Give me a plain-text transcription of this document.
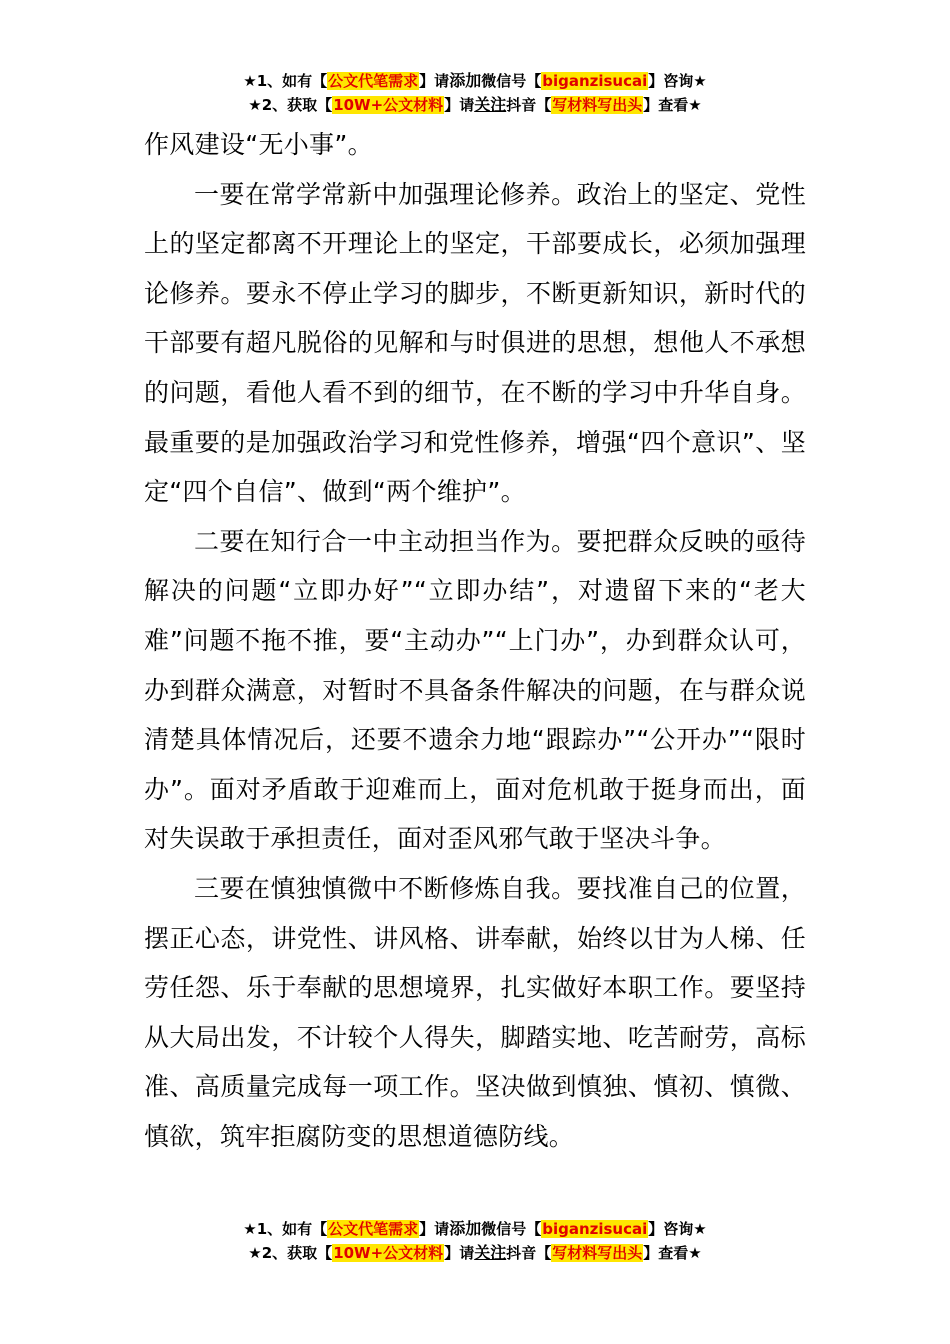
★1、如有【公文代笔需求】请添加微信号【biganzisucai】咨询★
★2、获取【10W+公文材料】请关注抖音【写材料写出头】查看★

作风建设“无小事”。

一要在常学常新中加强理论修养。政治上的坚定、党性上的坚定都离不开理论上的坚定，干部要成长，必须加强理论修养。要永不停止学习的脚步，不断更新知识，新时代的干部要有超凡脱俗的见解和与时俱进的思想，想他人不承想的问题，看他人看不到的细节，在不断的学习中升华自身。最重要的是加强政治学习和党性修养，增强“四个意识”、坚定“四个自信”、做到“两个维护”。

二要在知行合一中主动担当作为。要把群众反映的亟待解决的问题“立即办好”“立即办结”，对遗留下来的“老大难”问题不拖不推，要“主动办”“上门办”，办到群众认可，办到群众满意，对暂时不具备条件解决的问题，在与群众说清楚具体情况后，还要不遗余力地“跟踪办”“公开办”“限时办”。面对矛盾敢于迎难而上，面对危机敢于挺身而出，面对失误敢于承担责任，面对歪风邪气敢于坚决斗争。

三要在慎独慎微中不断修炼自我。要找准自己的位置，摆正心态，讲党性、讲风格、讲奉献，始终以甘为人梯、任劳任怨、乐于奉献的思想境界，扎实做好本职工作。要坚持从大局出发，不计较个人得失，脚踏实地、吃苦耐劳，高标准、高质量完成每一项工作。坚决做到慎独、慎初、慎微、慎欲，筑牢拒腐防变的思想道德防线。

★1、如有【公文代笔需求】请添加微信号【biganzisucai】咨询★
★2、获取【10W+公文材料】请关注抖音【写材料写出头】查看★
